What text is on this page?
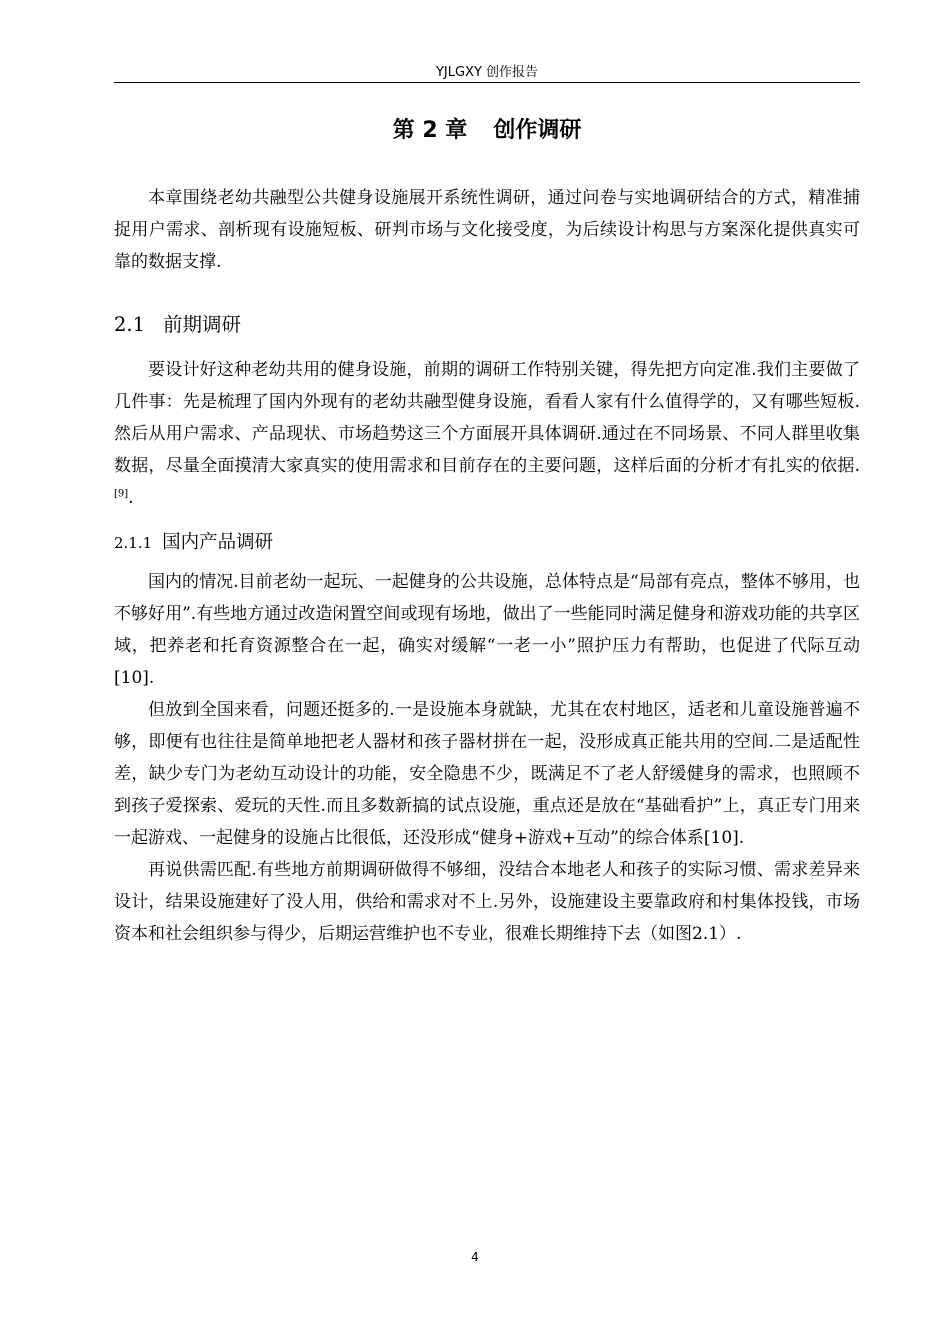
YJLGXY 创作报告
第 2 章 创作调研

本章围绕老幼共融型公共健身设施展开系统性调研，通过问卷与实地调研结合的方式，精准捕捉用户需求、剖析现有设施短板、研判市场与文化接受度，为后续设计构思与方案深化提供真实可靠的数据支撑.

2.1 前期调研

要设计好这种老幼共用的健身设施，前期的调研工作特别关键，得先把方向定准.我们主要做了几件事：先是梳理了国内外现有的老幼共融型健身设施，看看人家有什么值得学的，又有哪些短板.然后从用户需求、产品现状、市场趋势这三个方面展开具体调研.通过在不同场景、不同人群里收集数据，尽量全面摸清大家真实的使用需求和目前存在的主要问题，这样后面的分析才有扎实的依据.[9].

2.1.1 国内产品调研

国内的情况.目前老幼一起玩、一起健身的公共设施，总体特点是“局部有亮点，整体不够用，也不够好用”.有些地方通过改造闲置空间或现有场地，做出了一些能同时满足健身和游戏功能的共享区域，把养老和托育资源整合在一起，确实对缓解“一老一小”照护压力有帮助，也促进了代际互动[10].

但放到全国来看，问题还挺多的.一是设施本身就缺，尤其在农村地区，适老和儿童设施普遍不够，即便有也往往是简单地把老人器材和孩子器材拼在一起，没形成真正能共用的空间.二是适配性差，缺少专门为老幼互动设计的功能，安全隐患不少，既满足不了老人舒缓健身的需求，也照顾不到孩子爱探索、爱玩的天性.而且多数新搞的试点设施，重点还是放在“基础看护”上，真正专门用来一起游戏、一起健身的设施占比很低，还没形成“健身+游戏+互动”的综合体系[10].

再说供需匹配.有些地方前期调研做得不够细，没结合本地老人和孩子的实际习惯、需求差异来设计，结果设施建好了没人用，供给和需求对不上.另外，设施建设主要靠政府和村集体投钱，市场资本和社会组织参与得少，后期运营维护也不专业，很难长期维持下去（如图2.1）.

4
